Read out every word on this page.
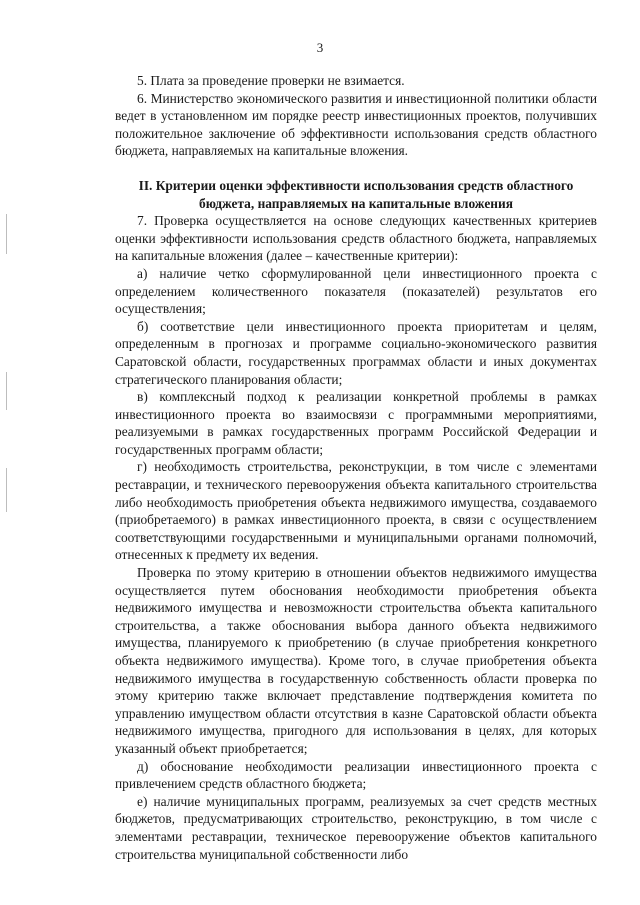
3

5. Плата за проведение проверки не взимается.

6. Министерство экономического развития и инвестиционной политики области ведет в установленном им порядке реестр инвестиционных проектов, получивших положительное заключение об эффективности использования средств областного бюджета, направляемых на капитальные вложения.

II. Критерии оценки эффективности использования средств областного бюджета, направляемых на капитальные вложения

7. Проверка осуществляется на основе следующих качественных критериев оценки эффективности использования средств областного бюджета, направляемых на капитальные вложения (далее – качественные критерии):

а) наличие четко сформулированной цели инвестиционного проекта с определением количественного показателя (показателей) результатов его осуществления;

б) соответствие цели инвестиционного проекта приоритетам и целям, определенным в прогнозах и программе социально-экономического развития Саратовской области, государственных программах области и иных документах стратегического планирования области;

в) комплексный подход к реализации конкретной проблемы в рамках инвестиционного проекта во взаимосвязи с программными мероприятиями, реализуемыми в рамках государственных программ Российской Федерации и государственных программ области;

г) необходимость строительства, реконструкции, в том числе с элементами реставрации, и технического перевооружения объекта капитального строительства либо необходимость приобретения объекта недвижимого имущества, создаваемого (приобретаемого) в рамках инвестиционного проекта, в связи с осуществлением соответствующими государственными и муниципальными органами полномочий, отнесенных к предмету их ведения.

Проверка по этому критерию в отношении объектов недвижимого имущества осуществляется путем обоснования необходимости приобретения объекта недвижимого имущества и невозможности строительства объекта капитального строительства, а также обоснования выбора данного объекта недвижимого имущества, планируемого к приобретению (в случае приобретения конкретного объекта недвижимого имущества). Кроме того, в случае приобретения объекта недвижимого имущества в государственную собственность области проверка по этому критерию также включает представление подтверждения комитета по управлению имуществом области отсутствия в казне Саратовской области объекта недвижимого имущества, пригодного для использования в целях, для которых указанный объект приобретается;

д) обоснование необходимости реализации инвестиционного проекта с привлечением средств областного бюджета;

е) наличие муниципальных программ, реализуемых за счет средств местных бюджетов, предусматривающих строительство, реконструкцию, в том числе с элементами реставрации, техническое перевооружение объектов капитального строительства муниципальной собственности либо
